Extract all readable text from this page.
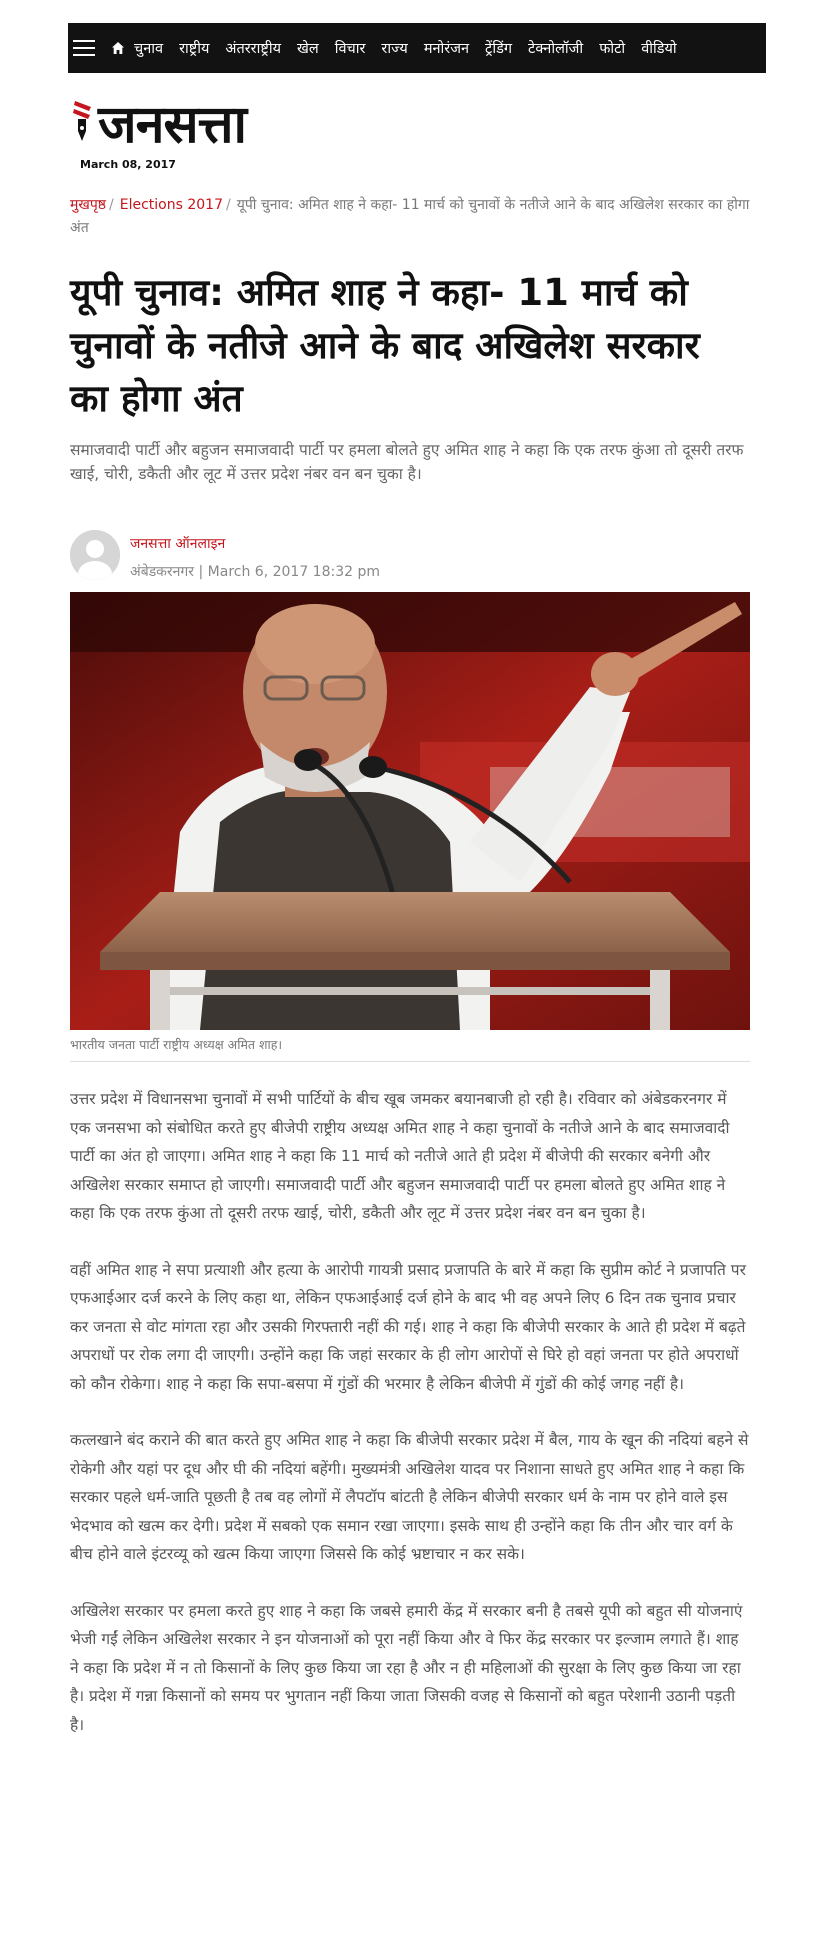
चुनाव राष्ट्रीय अंतरराष्ट्रीय खेल विचार राज्य मनोरंजन ट्रेंडिंग टेक्नोलॉजी फोटो वीडियो
जनसत्ता
March 08, 2017
मुखपृष्ठ / Elections 2017 / यूपी चुनाव: अमित शाह ने कहा- 11 मार्च को चुनावों के नतीजे आने के बाद अखिलेश सरकार का होगा अंत
यूपी चुनाव: अमित शाह ने कहा- 11 मार्च को चुनावों के नतीजे आने के बाद अखिलेश सरकार का होगा अंत

समाजवादी पार्टी और बहुजन समाजवादी पार्टी पर हमला बोलते हुए अमित शाह ने कहा कि एक तरफ कुंआ तो दूसरी तरफ खाई, चोरी, डकैती और लूट में उत्तर प्रदेश नंबर वन बन चुका है।

जनसत्ता ऑनलाइन
अंबेडकरनगर | March 6, 2017 18:32 pm
भारतीय जनता पार्टी राष्ट्रीय अध्यक्ष अमित शाह।

उत्तर प्रदेश में विधानसभा चुनावों में सभी पार्टियों के बीच खूब जमकर बयानबाजी हो रही है। रविवार को अंबेडकरनगर में एक जनसभा को संबोधित करते हुए बीजेपी राष्ट्रीय अध्यक्ष अमित शाह ने कहा चुनावों के नतीजे आने के बाद समाजवादी पार्टी का अंत हो जाएगा। अमित शाह ने कहा कि 11 मार्च को नतीजे आते ही प्रदेश में बीजेपी की सरकार बनेगी और अखिलेश सरकार समाप्त हो जाएगी। समाजवादी पार्टी और बहुजन समाजवादी पार्टी पर हमला बोलते हुए अमित शाह ने कहा कि एक तरफ कुंआ तो दूसरी तरफ खाई, चोरी, डकैती और लूट में उत्तर प्रदेश नंबर वन बन चुका है।

वहीं अमित शाह ने सपा प्रत्याशी और हत्या के आरोपी गायत्री प्रसाद प्रजापति के बारे में कहा कि सुप्रीम कोर्ट ने प्रजापति पर एफआईआर दर्ज करने के लिए कहा था, लेकिन एफआईआई दर्ज होने के बाद भी वह अपने लिए 6 दिन तक चुनाव प्रचार कर जनता से वोट मांगता रहा और उसकी गिरफ्तारी नहीं की गई। शाह ने कहा कि बीजेपी सरकार के आते ही प्रदेश में बढ़ते अपराधों पर रोक लगा दी जाएगी। उन्होंने कहा कि जहां सरकार के ही लोग आरोपों से घिरे हो वहां जनता पर होते अपराधों को कौन रोकेगा। शाह ने कहा कि सपा-बसपा में गुंडों की भरमार है लेकिन बीजेपी में गुंडों की कोई जगह नहीं है।

कत्लखाने बंद कराने की बात करते हुए अमित शाह ने कहा कि बीजेपी सरकार प्रदेश में बैल, गाय के खून की नदियां बहने से रोकेगी और यहां पर दूध और घी की नदियां बहेंगी। मुख्यमंत्री अखिलेश यादव पर निशाना साधते हुए अमित शाह ने कहा कि सरकार पहले धर्म-जाति पूछती है तब वह लोगों में लैपटॉप बांटती है लेकिन बीजेपी सरकार धर्म के नाम पर होने वाले इस भेदभाव को खत्म कर देगी। प्रदेश में सबको एक समान रखा जाएगा। इसके साथ ही उन्होंने कहा कि तीन और चार वर्ग के बीच होने वाले इंटरव्यू को खत्म किया जाएगा जिससे कि कोई भ्रष्टाचार न कर सके।

अखिलेश सरकार पर हमला करते हुए शाह ने कहा कि जबसे हमारी केंद्र में सरकार बनी है तबसे यूपी को बहुत सी योजनाएं भेजी गईं लेकिन अखिलेश सरकार ने इन योजनाओं को पूरा नहीं किया और वे फिर केंद्र सरकार पर इल्जाम लगाते हैं। शाह ने कहा कि प्रदेश में न तो किसानों के लिए कुछ किया जा रहा है और न ही महिलाओं की सुरक्षा के लिए कुछ किया जा रहा है। प्रदेश में गन्ना किसानों को समय पर भुगतान नहीं किया जाता जिसकी वजह से किसानों को बहुत परेशानी उठानी पड़ती है।
